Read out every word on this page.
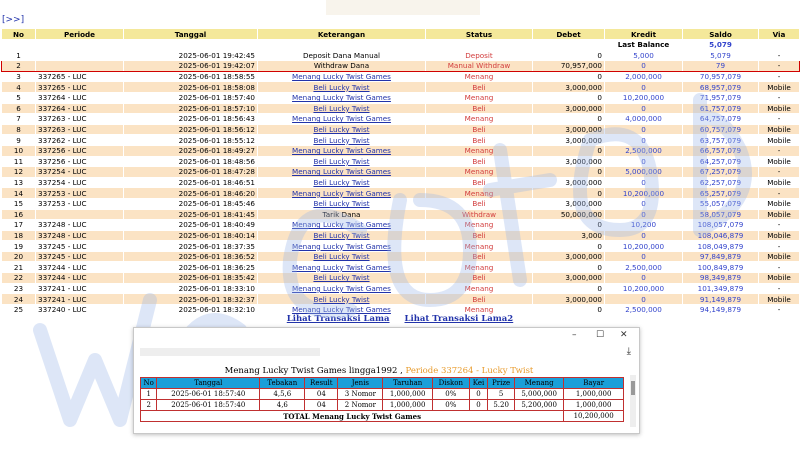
[>>]
No	Periode	Tanggal	Keterangan	Status	Debet	Kredit	Saldo	Via
						Last Balance	5,079	
1		2025-06-01 19:42:45	Deposit Dana Manual	Deposit	0	5,000	5,079	-
2		2025-06-01 19:42:07	Withdraw Dana	Manual Withdraw	70,957,000	0	79	-
3	337265 - LUC	2025-06-01 18:58:55	Menang Lucky Twist Games	Menang	0	2,000,000	70,957,079	-
4	337265 - LUC	2025-06-01 18:58:08	Beli Lucky Twist	Beli	3,000,000	0	68,957,079	Mobile
5	337264 - LUC	2025-06-01 18:57:40	Menang Lucky Twist Games	Menang	0	10,200,000	71,957,079	-
6	337264 - LUC	2025-06-01 18:57:10	Beli Lucky Twist	Beli	3,000,000	0	61,757,079	Mobile
7	337263 - LUC	2025-06-01 18:56:43	Menang Lucky Twist Games	Menang	0	4,000,000	64,757,079	-
8	337263 - LUC	2025-06-01 18:56:12	Beli Lucky Twist	Beli	3,000,000	0	60,757,079	Mobile
9	337262 - LUC	2025-06-01 18:55:12	Beli Lucky Twist	Beli	3,000,000	0	63,757,079	Mobile
10	337256 - LUC	2025-06-01 18:49:27	Menang Lucky Twist Games	Menang	0	2,500,000	66,757,079	-
11	337256 - LUC	2025-06-01 18:48:56	Beli Lucky Twist	Beli	3,000,000	0	64,257,079	Mobile
12	337254 - LUC	2025-06-01 18:47:28	Menang Lucky Twist Games	Menang	0	5,000,000	67,257,079	-
13	337254 - LUC	2025-06-01 18:46:51	Beli Lucky Twist	Beli	3,000,000	0	62,257,079	Mobile
14	337253 - LUC	2025-06-01 18:46:20	Menang Lucky Twist Games	Menang	0	10,200,000	65,257,079	-
15	337253 - LUC	2025-06-01 18:45:46	Beli Lucky Twist	Beli	3,000,000	0	55,057,079	Mobile
16		2025-06-01 18:41:45	Tarik Dana	Withdraw	50,000,000	0	58,057,079	Mobile
17	337248 - LUC	2025-06-01 18:40:49	Menang Lucky Twist Games	Menang	0	10,200	108,057,079	-
18	337248 - LUC	2025-06-01 18:40:14	Beli Lucky Twist	Beli	3,000	0	108,046,879	Mobile
19	337245 - LUC	2025-06-01 18:37:35	Menang Lucky Twist Games	Menang	0	10,200,000	108,049,879	-
20	337245 - LUC	2025-06-01 18:36:52	Beli Lucky Twist	Beli	3,000,000	0	97,849,879	Mobile
21	337244 - LUC	2025-06-01 18:36:25	Menang Lucky Twist Games	Menang	0	2,500,000	100,849,879	-
22	337244 - LUC	2025-06-01 18:35:42	Beli Lucky Twist	Beli	3,000,000	0	98,349,879	Mobile
23	337241 - LUC	2025-06-01 18:33:10	Menang Lucky Twist Games	Menang	0	10,200,000	101,349,879	-
24	337241 - LUC	2025-06-01 18:32:37	Beli Lucky Twist	Beli	3,000,000	0	91,149,879	Mobile
25	337240 - LUC	2025-06-01 18:32:10	Menang Lucky Twist Games	Menang	0	2,500,000	94,149,879	-
Lihat Transaksi Lama Lihat Transaksi Lama2
– ☐ ✕
⤓
Menang Lucky Twist Games lingga1992 , Periode 337264 - Lucky Twist
No	Tanggal	Tebakan	Result	Jenis	Taruhan	Diskon	Kei	Prize	Menang	Bayar
1	2025-06-01 18:57:40	4,5,6	04	3 Nomor	1,000,000	0%	0	5	5,000,000	1,000,000
2	2025-06-01 18:57:40	4,6	04	2 Nomor	1,000,000	0%	0	5.20	5,200,000	1,000,000
TOTAL Menang Lucky Twist Games										10,200,000
